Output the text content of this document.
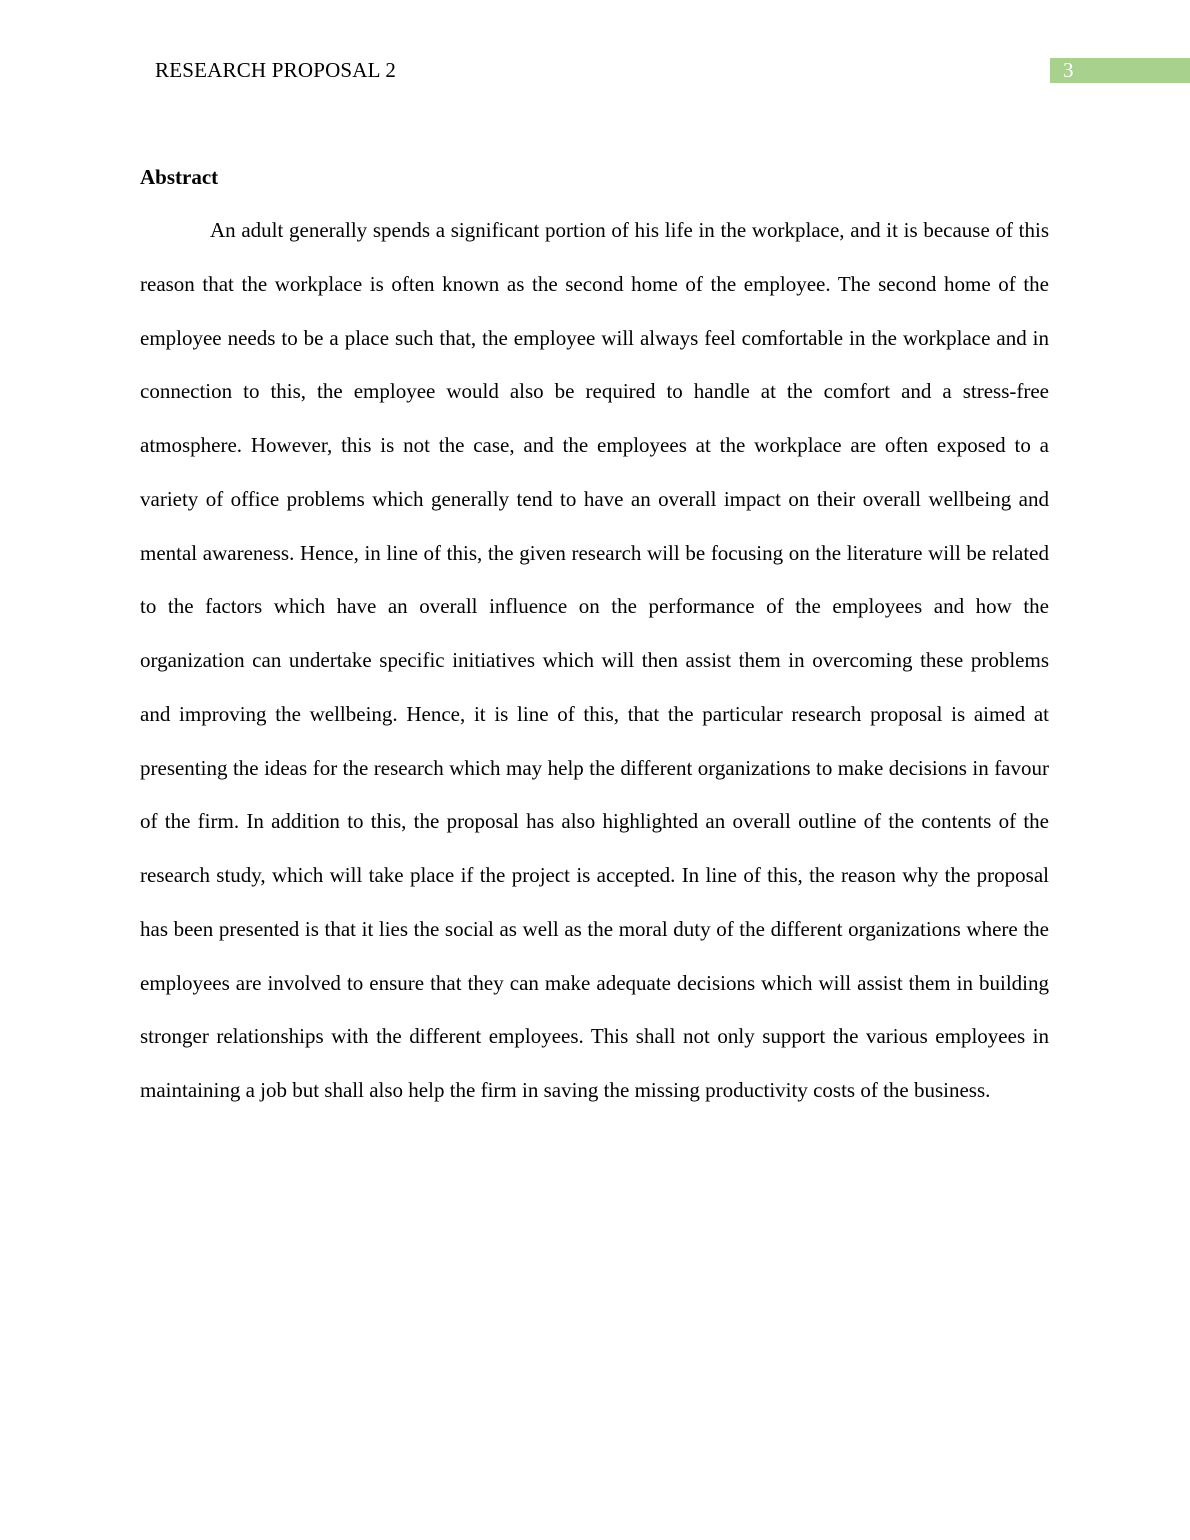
RESEARCH PROPOSAL 2	3
Abstract

An adult generally spends a significant portion of his life in the workplace, and it is because of this reason that the workplace is often known as the second home of the employee. The second home of the employee needs to be a place such that, the employee will always feel comfortable in the workplace and in connection to this, the employee would also be required to handle at the comfort and a stress-free atmosphere. However, this is not the case, and the employees at the workplace are often exposed to a variety of office problems which generally tend to have an overall impact on their overall wellbeing and mental awareness. Hence, in line of this, the given research will be focusing on the literature will be related to the factors which have an overall influence on the performance of the employees and how the organization can undertake specific initiatives which will then assist them in overcoming these problems and improving the wellbeing. Hence, it is line of this, that the particular research proposal is aimed at presenting the ideas for the research which may help the different organizations to make decisions in favour of the firm. In addition to this, the proposal has also highlighted an overall outline of the contents of the research study, which will take place if the project is accepted. In line of this, the reason why the proposal has been presented is that it lies the social as well as the moral duty of the different organizations where the employees are involved to ensure that they can make adequate decisions which will assist them in building stronger relationships with the different employees. This shall not only support the various employees in maintaining a job but shall also help the firm in saving the missing productivity costs of the business.
